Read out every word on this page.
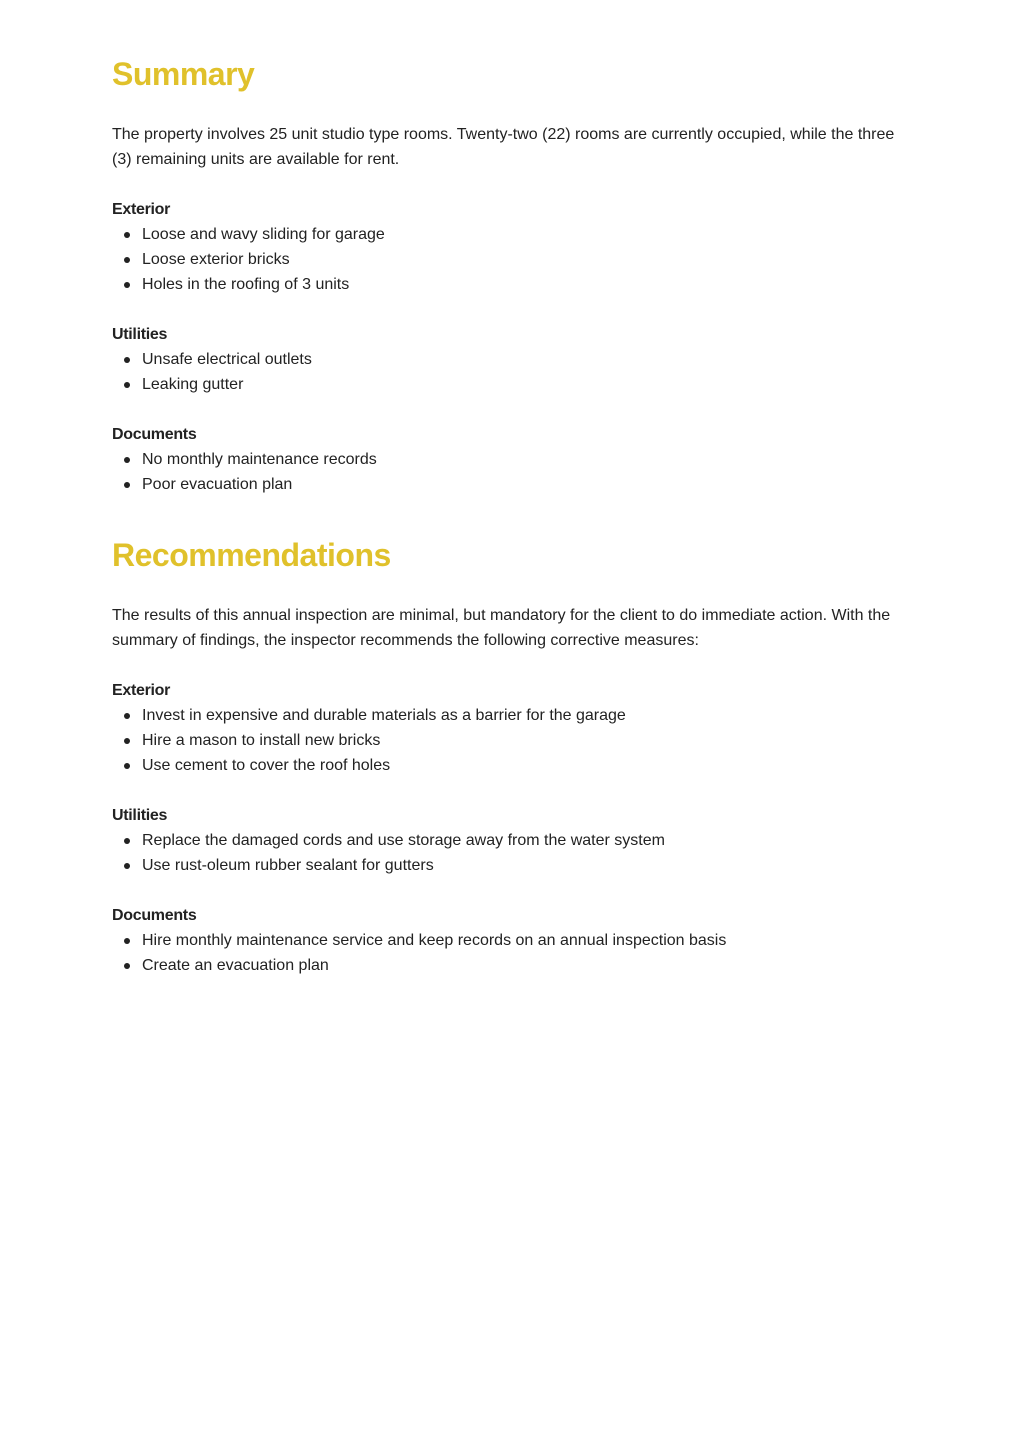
Summary

The property involves 25 unit studio type rooms. Twenty-two (22) rooms are currently occupied, while the three (3) remaining units are available for rent.

Exterior
Loose and wavy sliding for garage
Loose exterior bricks
Holes in the roofing of 3 units
Utilities
Unsafe electrical outlets
Leaking gutter
Documents
No monthly maintenance records
Poor evacuation plan
Recommendations

The results of this annual inspection are minimal, but mandatory for the client to do immediate action. With the summary of findings, the inspector recommends the following corrective measures:

Exterior
Invest in expensive and durable materials as a barrier for the garage
Hire a mason to install new bricks
Use cement to cover the roof holes
Utilities
Replace the damaged cords and use storage away from the water system
Use rust-oleum rubber sealant for gutters
Documents
Hire monthly maintenance service and keep records on an annual inspection basis
Create an evacuation plan
